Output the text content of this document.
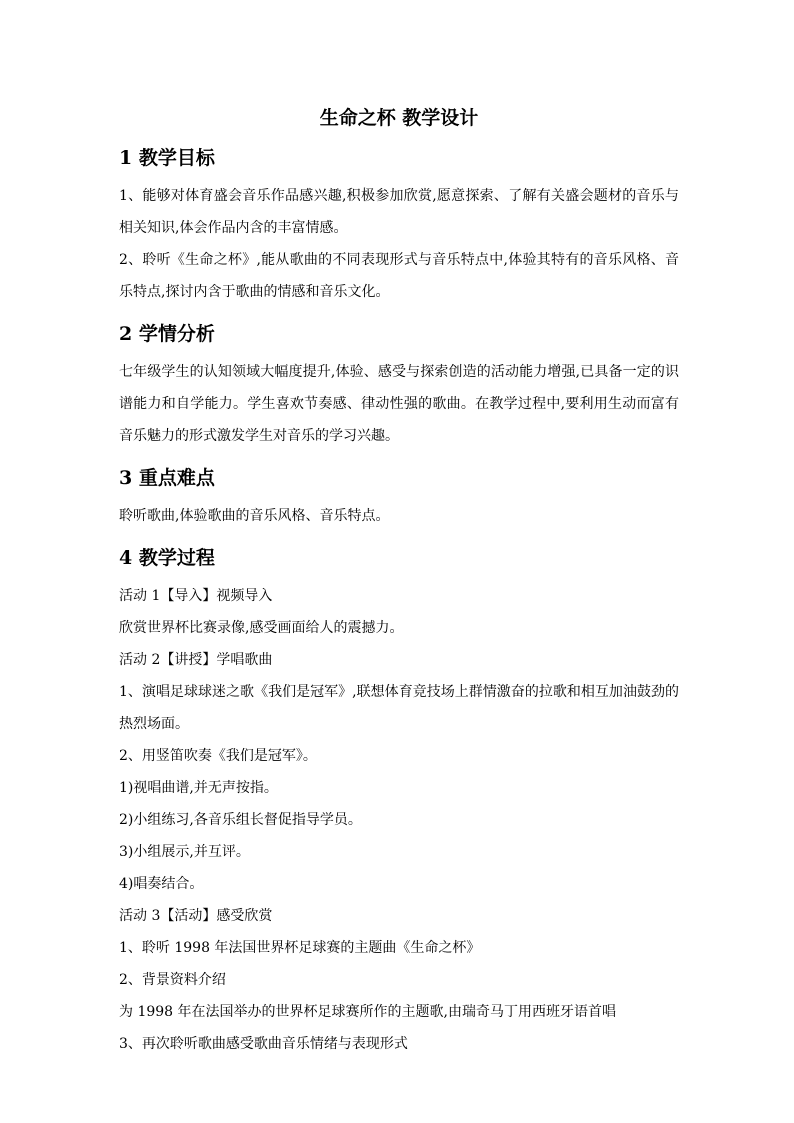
生命之杯 教学设计
1 教学目标

1、能够对体育盛会音乐作品感兴趣,积极参加欣赏,愿意探索、了解有关盛会题材的音乐与相关知识,体会作品内含的丰富情感。

2、聆听《生命之杯》,能从歌曲的不同表现形式与音乐特点中,体验其特有的音乐风格、音乐特点,探讨内含于歌曲的情感和音乐文化。

2 学情分析

七年级学生的认知领域大幅度提升,体验、感受与探索创造的活动能力增强,已具备一定的识谱能力和自学能力。学生喜欢节奏感、律动性强的歌曲。在教学过程中,要利用生动而富有音乐魅力的形式激发学生对音乐的学习兴趣。

3 重点难点

聆听歌曲,体验歌曲的音乐风格、音乐特点。

4 教学过程

活动 1【导入】视频导入

欣赏世界杯比赛录像,感受画面给人的震撼力。

活动 2【讲授】学唱歌曲

1、演唱足球球迷之歌《我们是冠军》,联想体育竞技场上群情激奋的拉歌和相互加油鼓劲的热烈场面。

2、用竖笛吹奏《我们是冠军》。

1)视唱曲谱,并无声按指。

2)小组练习,各音乐组长督促指导学员。

3)小组展示,并互评。

4)唱奏结合。

活动 3【活动】感受欣赏

1、聆听 1998 年法国世界杯足球赛的主题曲《生命之杯》

2、背景资料介绍

为 1998 年在法国举办的世界杯足球赛所作的主题歌,由瑞奇马丁用西班牙语首唱

3、再次聆听歌曲感受歌曲音乐情绪与表现形式
